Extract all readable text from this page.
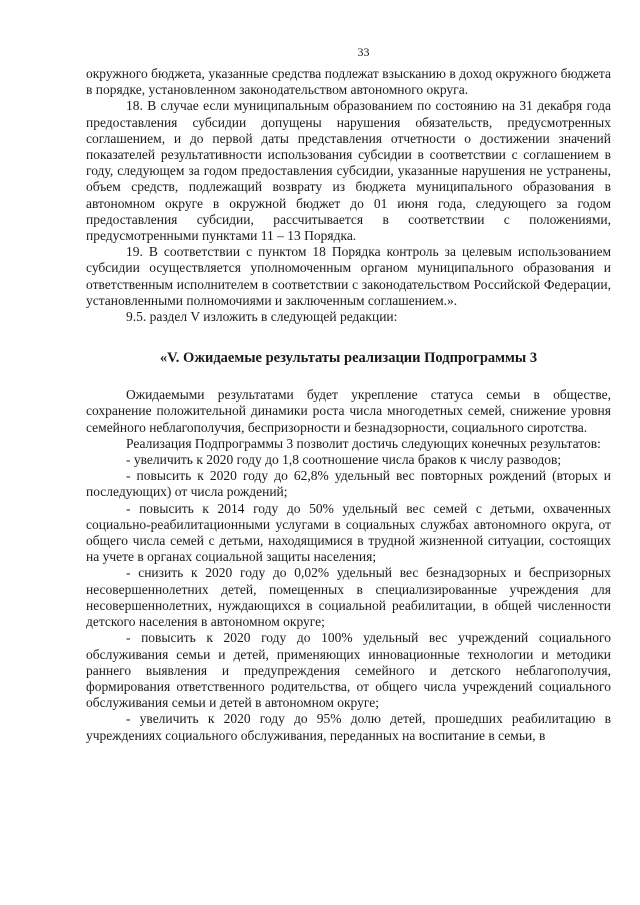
33

окружного бюджета, указанные средства подлежат взысканию в доход окружного бюджета в порядке, установленном законодательством автономного округа.

18. В случае если муниципальным образованием по состоянию на 31 декабря года предоставления субсидии допущены нарушения обязательств, предусмотренных соглашением, и до первой даты представления отчетности о достижении значений показателей результативности использования субсидии в соответствии с соглашением в году, следующем за годом предоставления субсидии, указанные нарушения не устранены, объем средств, подлежащий возврату из бюджета муниципального образования в автономном округе в окружной бюджет до 01 июня года, следующего за годом предоставления субсидии, рассчитывается в соответствии с положениями, предусмотренными пунктами 11 – 13 Порядка.

19. В соответствии с пунктом 18 Порядка контроль за целевым использованием субсидии осуществляется уполномоченным органом муниципального образования и ответственным исполнителем в соответствии с законодательством Российской Федерации, установленными полномочиями и заключенным соглашением.».

9.5. раздел V изложить в следующей редакции:

«V. Ожидаемые результаты реализации Подпрограммы 3

Ожидаемыми результатами будет укрепление статуса семьи в обществе, сохранение положительной динамики роста числа многодетных семей, снижение уровня семейного неблагополучия, беспризорности и безнадзорности, социального сиротства.

Реализация Подпрограммы 3 позволит достичь следующих конечных результатов:

- увеличить к 2020 году до 1,8 соотношение числа браков к числу разводов;

- повысить к 2020 году до 62,8% удельный вес повторных рождений (вторых и последующих) от числа рождений;

- повысить к 2014 году до 50% удельный вес семей с детьми, охваченных социально-реабилитационными услугами в социальных службах автономного округа, от общего числа семей с детьми, находящимися в трудной жизненной ситуации, состоящих на учете в органах социальной защиты населения;

- снизить к 2020 году до 0,02% удельный вес безнадзорных и беспризорных несовершеннолетних детей, помещенных в специализированные учреждения для несовершеннолетних, нуждающихся в социальной реабилитации, в общей численности детского населения в автономном округе;

- повысить к 2020 году до 100% удельный вес учреждений социального обслуживания семьи и детей, применяющих инновационные технологии и методики раннего выявления и предупреждения семейного и детского неблагополучия, формирования ответственного родительства, от общего числа учреждений социального обслуживания семьи и детей в автономном округе;

- увеличить к 2020 году до 95% долю детей, прошедших реабилитацию в учреждениях социального обслуживания, переданных на воспитание в семьи, в
